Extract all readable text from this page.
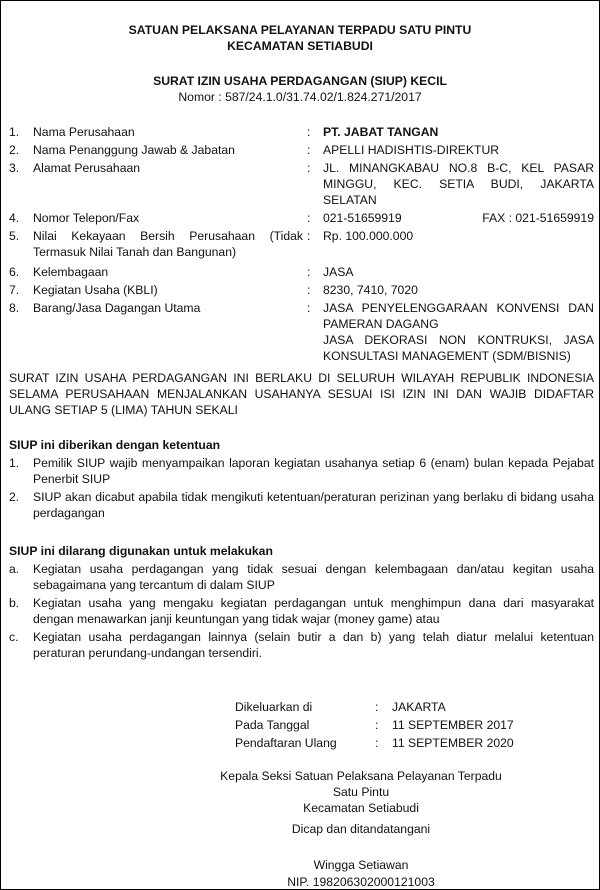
SATUAN PELAKSANA PELAYANAN TERPADU SATU PINTU
KECAMATAN SETIABUDI
SURAT IZIN USAHA PERDAGANGAN (SIUP) KECIL
Nomor : 587/24.1.0/31.74.02/1.824.271/2017
1.	Nama Perusahaan	: PT. JABAT TANGAN
2.	Nama Penanggung Jawab & Jabatan	: APELLI HADISHTIS-DIREKTUR
3.	Alamat Perusahaan	: JL. MINANGKABAU NO.8 B-C, KEL PASAR MINGGU, KEC. SETIA BUDI, JAKARTA SELATAN
4.	Nomor Telepon/Fax	: 021-51659919	FAX : 021-51659919
5.	Nilai Kekayaan Bersih Perusahaan (Tidak Termasuk Nilai Tanah dan Bangunan)
: Rp. 100.000.000
6.	Kelembagaan	: JASA
7.	Kegiatan Usaha (KBLI)	: 8230, 7410, 7020
8.	Barang/Jasa Dagangan Utama	: JASA PENYELENGGARAAN KONVENSI DAN PAMERAN DAGANG
JASA DEKORASI NON KONTRUKSI, JASA KONSULTASI MANAGEMENT (SDM/BISNIS)
SURAT IZIN USAHA PERDAGANGAN INI BERLAKU DI SELURUH WILAYAH REPUBLIK INDONESIA SELAMA PERUSAHAAN MENJALANKAN USAHANYA SESUAI ISI IZIN INI DAN WAJIB DIDAFTAR ULANG SETIAP 5 (LIMA) TAHUN SEKALI
SIUP ini diberikan dengan ketentuan
1. Pemilik SIUP wajib menyampaikan laporan kegiatan usahanya setiap 6 (enam) bulan kepada Pejabat Penerbit SIUP
2. SIUP akan dicabut apabila tidak mengikuti ketentuan/peraturan perizinan yang berlaku di bidang usaha perdagangan
SIUP ini dilarang digunakan untuk melakukan
a. Kegiatan usaha perdagangan yang tidak sesuai dengan kelembagaan dan/atau kegitan usaha sebagaimana yang tercantum di dalam SIUP
b. Kegiatan usaha yang mengaku kegiatan perdagangan untuk menghimpun dana dari masyarakat dengan menawarkan janji keuntungan yang tidak wajar (money game) atau
c. Kegiatan usaha perdagangan lainnya (selain butir a dan b) yang telah diatur melalui ketentuan peraturan perundang-undangan tersendiri.
Dikeluarkan di	: JAKARTA
Pada Tanggal	: 11 SEPTEMBER 2017
Pendaftaran Ulang	: 11 SEPTEMBER 2020
Kepala Seksi Satuan Pelaksana Pelayanan Terpadu Satu Pintu
Kecamatan Setiabudi
Dicap dan ditandatangani
Wingga Setiawan
NIP. 198206302000121003
